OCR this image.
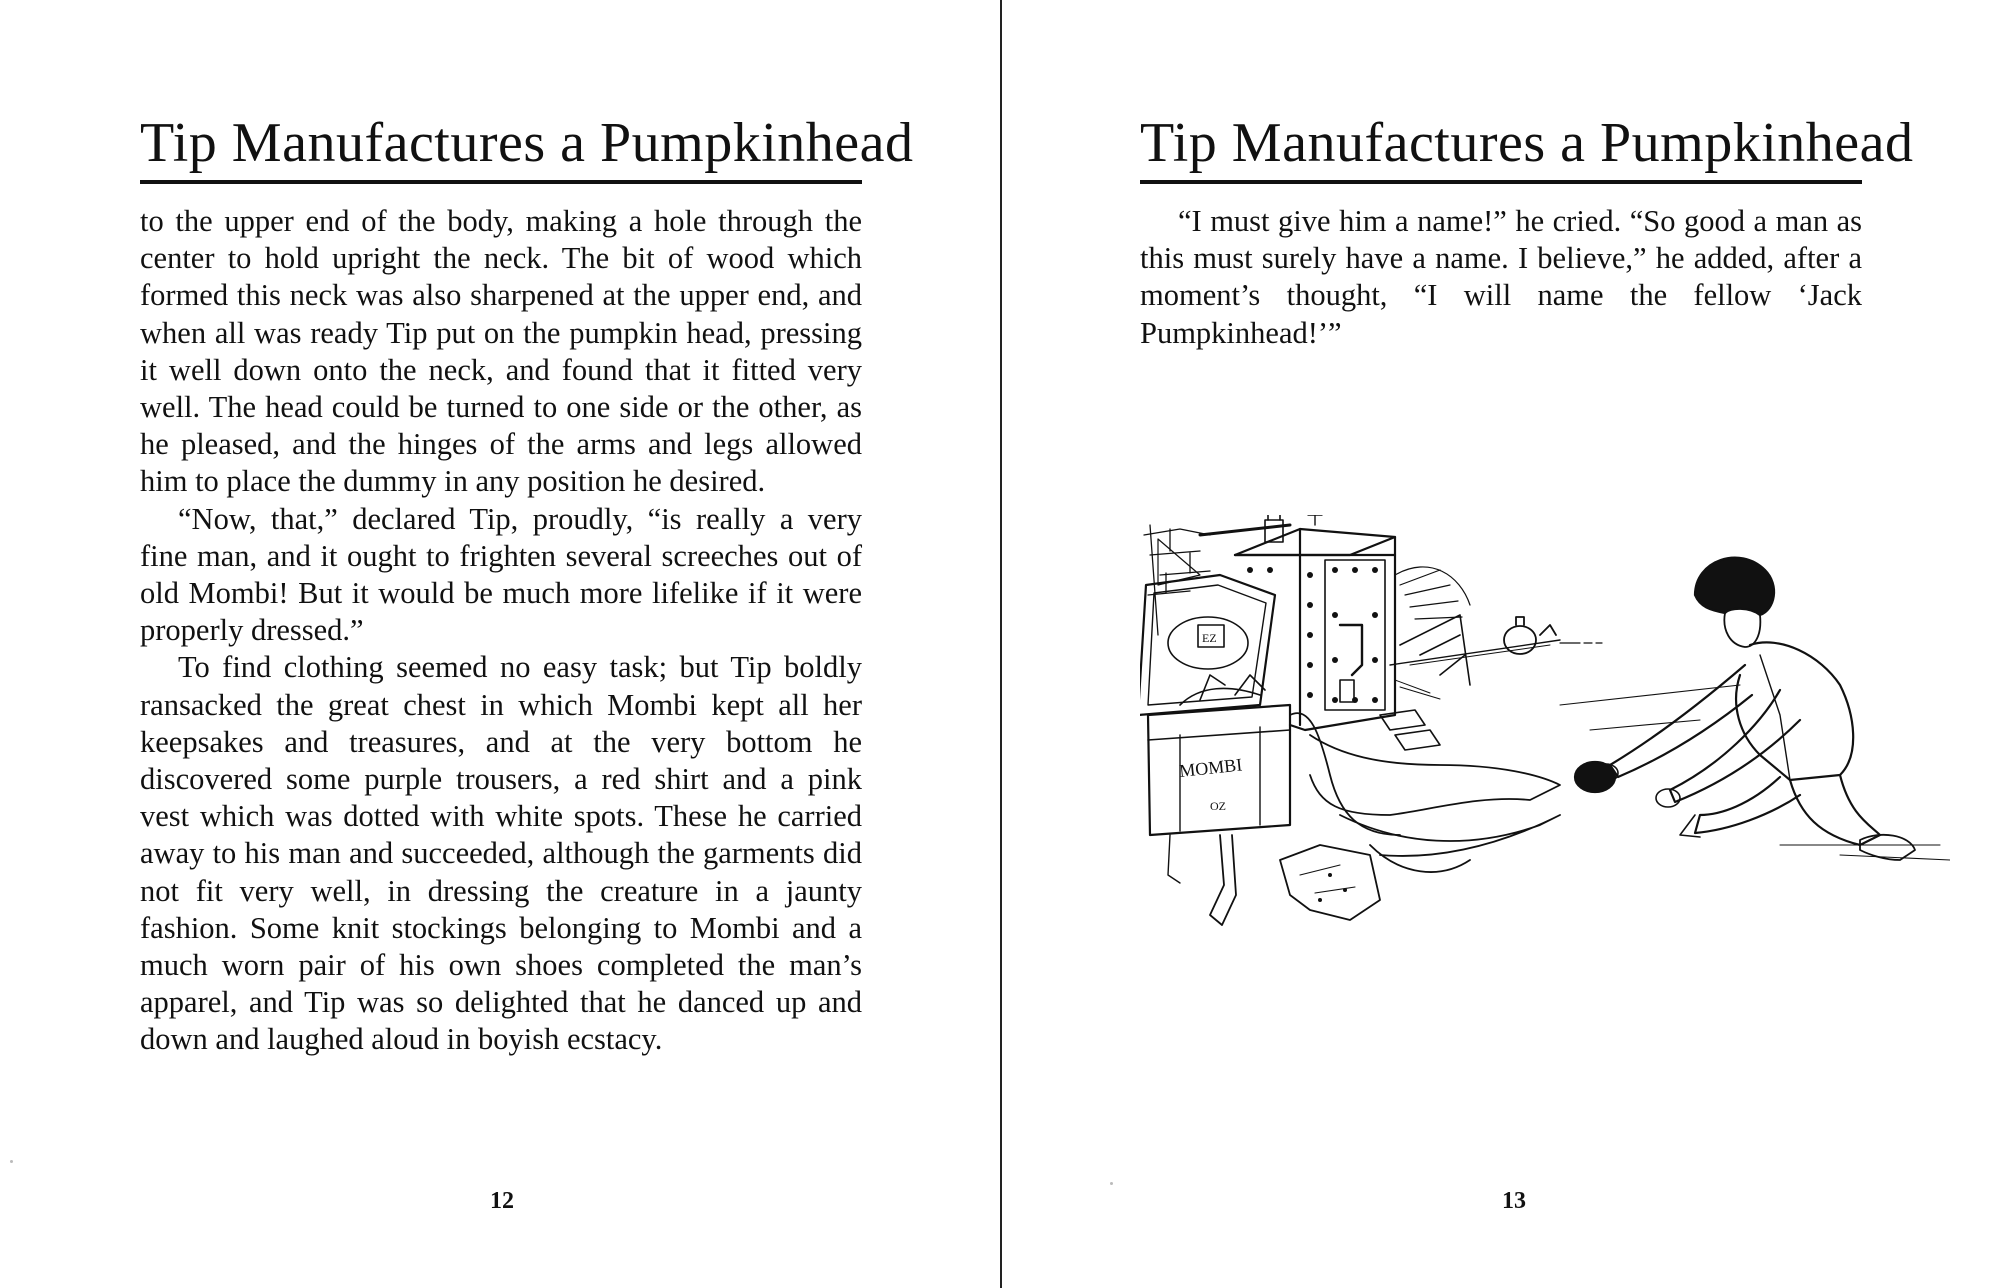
Tip Manufactures a Pumpkinhead

to the upper end of the body, making a hole through the center to hold upright the neck. The bit of wood which formed this neck was also sharpened at the upper end, and when all was ready Tip put on the pumpkin head, pressing it well down onto the neck, and found that it fitted very well. The head could be turned to one side or the other, as he pleased, and the hinges of the arms and legs allowed him to place the dummy in any position he desired.

“Now, that,” declared Tip, proudly, “is really a very fine man, and it ought to frighten several screeches out of old Mombi! But it would be much more lifelike if it were properly dressed.”

To find clothing seemed no easy task; but Tip boldly ransacked the great chest in which Mombi kept all her keepsakes and treasures, and at the very bottom he discovered some purple trousers, a red shirt and a pink vest which was dotted with white spots. These he carried away to his man and succeeded, although the garments did not fit very well, in dressing the creature in a jaunty fashion. Some knit stockings belonging to Mombi and a much worn pair of his own shoes completed the man’s apparel, and Tip was so delighted that he danced up and down and laughed aloud in boyish ecstacy.

12
Tip Manufactures a Pumpkinhead

“I must give him a name!” he cried. “So good a man as this must surely have a name. I believe,” he added, after a moment’s thought, “I will name the fellow ‘Jack Pumpkinhead!’”

13
EZ
MOMBI
OZ
